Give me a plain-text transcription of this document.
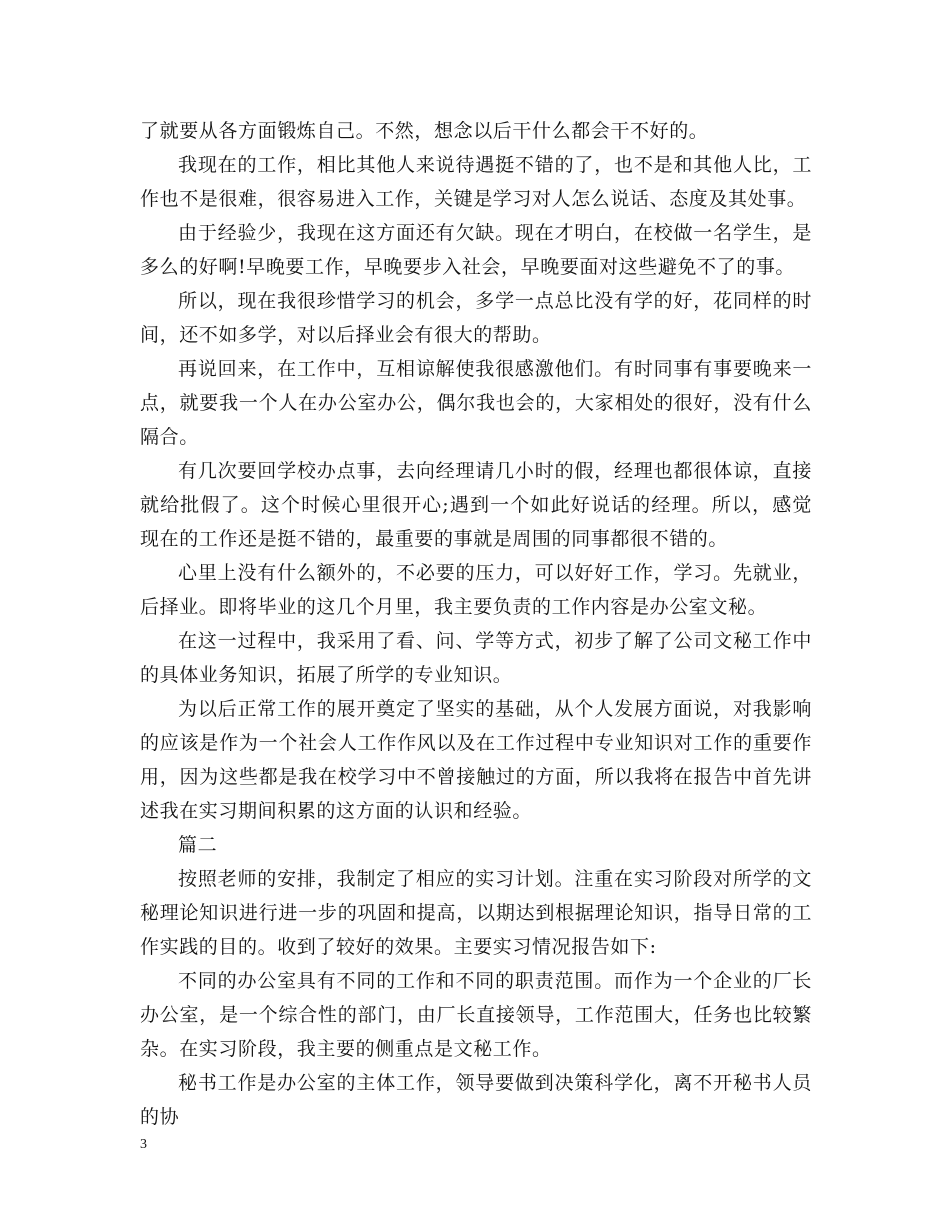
了就要从各方面锻炼自己。不然，想念以后干什么都会干不好的。

我现在的工作，相比其他人来说待遇挺不错的了，也不是和其他人比，工作也不是很难，很容易进入工作，关键是学习对人怎么说话、态度及其处事。

由于经验少，我现在这方面还有欠缺。现在才明白，在校做一名学生，是多么的好啊!早晚要工作，早晚要步入社会，早晚要面对这些避免不了的事。

所以，现在我很珍惜学习的机会，多学一点总比没有学的好，花同样的时间，还不如多学，对以后择业会有很大的帮助。

再说回来，在工作中，互相谅解使我很感激他们。有时同事有事要晚来一点，就要我一个人在办公室办公，偶尔我也会的，大家相处的很好，没有什么隔合。

有几次要回学校办点事，去向经理请几小时的假，经理也都很体谅，直接就给批假了。这个时候心里很开心;遇到一个如此好说话的经理。所以，感觉现在的工作还是挺不错的，最重要的事就是周围的同事都很不错的。

心里上没有什么额外的，不必要的压力，可以好好工作，学习。先就业，后择业。即将毕业的这几个月里，我主要负责的工作内容是办公室文秘。

在这一过程中，我采用了看、问、学等方式，初步了解了公司文秘工作中的具体业务知识，拓展了所学的专业知识。

为以后正常工作的展开奠定了坚实的基础，从个人发展方面说，对我影响的应该是作为一个社会人工作作风以及在工作过程中专业知识对工作的重要作用，因为这些都是我在校学习中不曾接触过的方面，所以我将在报告中首先讲述我在实习期间积累的这方面的认识和经验。

篇二

按照老师的安排，我制定了相应的实习计划。注重在实习阶段对所学的文秘理论知识进行进一步的巩固和提高，以期达到根据理论知识，指导日常的工作实践的目的。收到了较好的效果。主要实习情况报告如下:

不同的办公室具有不同的工作和不同的职责范围。而作为一个企业的厂长办公室，是一个综合性的部门，由厂长直接领导，工作范围大，任务也比较繁杂。在实习阶段，我主要的侧重点是文秘工作。

秘书工作是办公室的主体工作，领导要做到决策科学化，离不开秘书人员的协

3
